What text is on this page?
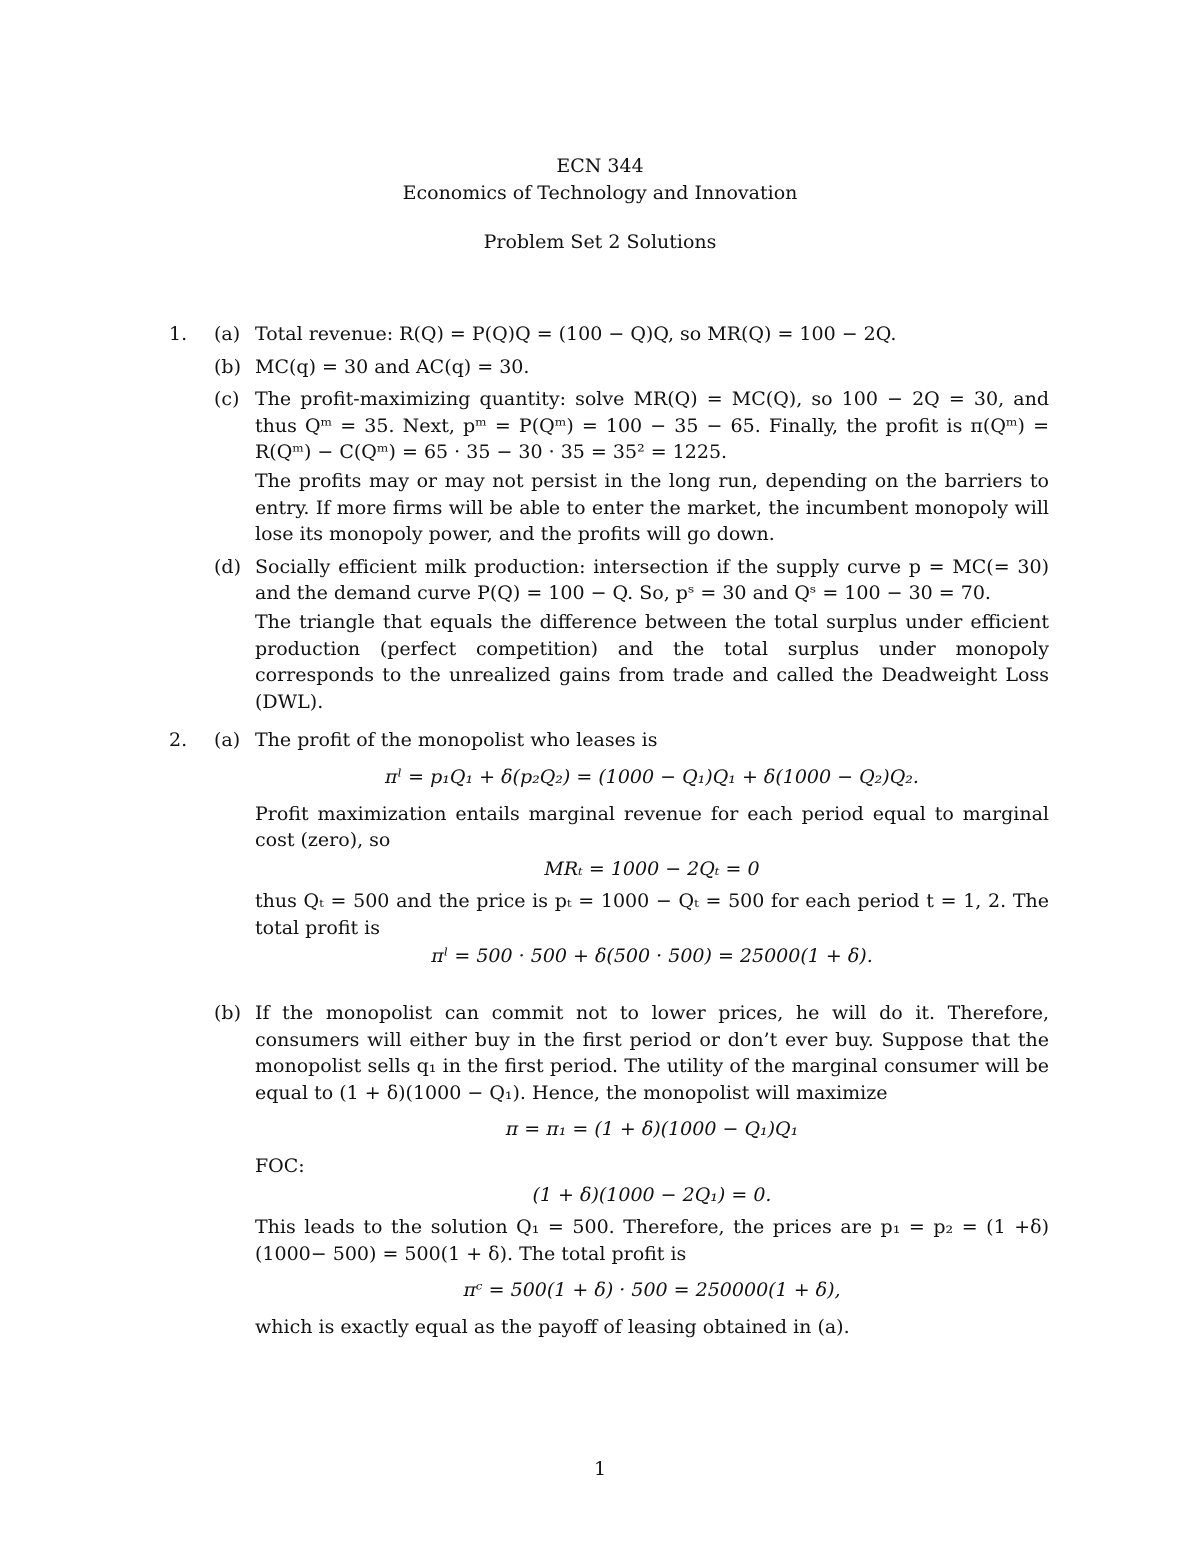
ECN 344
Economics of Technology and Innovation
Problem Set 2 Solutions
1. (a) Total revenue: R(Q) = P(Q)Q = (100 − Q)Q, so MR(Q) = 100 − 2Q.

(b) MC(q) = 30 and AC(q) = 30.

(c) The profit-maximizing quantity: solve MR(Q) = MC(Q), so 100 − 2Q = 30, and thus Qᵐ = 35. Next, pᵐ = P(Qᵐ) = 100 − 35 − 65. Finally, the profit is π(Qᵐ) = R(Qᵐ) − C(Qᵐ) = 65 · 35 − 30 · 35 = 35² = 1225.

The profits may or may not persist in the long run, depending on the barriers to entry. If more firms will be able to enter the market, the incumbent monopoly will lose its monopoly power, and the profits will go down.

(d) Socially efficient milk production: intersection if the supply curve p = MC(= 30) and the demand curve P(Q) = 100 − Q. So, pˢ = 30 and Qˢ = 100 − 30 = 70.

The triangle that equals the difference between the total surplus under efficient production (perfect competition) and the total surplus under monopoly corresponds to the unrealized gains from trade and called the Deadweight Loss (DWL).

2. (a) The profit of the monopolist who leases is

πˡ = p₁Q₁ + δ(p₂Q₂) = (1000 − Q₁)Q₁ + δ(1000 − Q₂)Q₂.

Profit maximization entails marginal revenue for each period equal to marginal cost (zero), so

MRₜ = 1000 − 2Qₜ = 0

thus Qₜ = 500 and the price is pₜ = 1000 − Qₜ = 500 for each period t = 1, 2. The total profit is

πˡ = 500 · 500 + δ(500 · 500) = 25000(1 + δ).
(b) If the monopolist can commit not to lower prices, he will do it. Therefore, consumers will either buy in the first period or don’t ever buy. Suppose that the monopolist sells q₁ in the first period. The utility of the marginal consumer will be equal to (1 + δ)(1000 − Q₁). Hence, the monopolist will maximize

π = π₁ = (1 + δ)(1000 − Q₁)Q₁

FOC:

(1 + δ)(1000 − 2Q₁) = 0.

This leads to the solution Q₁ = 500. Therefore, the prices are p₁ = p₂ = (1 +δ)(1000− 500) = 500(1 + δ). The total profit is

πᶜ = 500(1 + δ) · 500 = 250000(1 + δ),

which is exactly equal as the payoff of leasing obtained in (a).

1
